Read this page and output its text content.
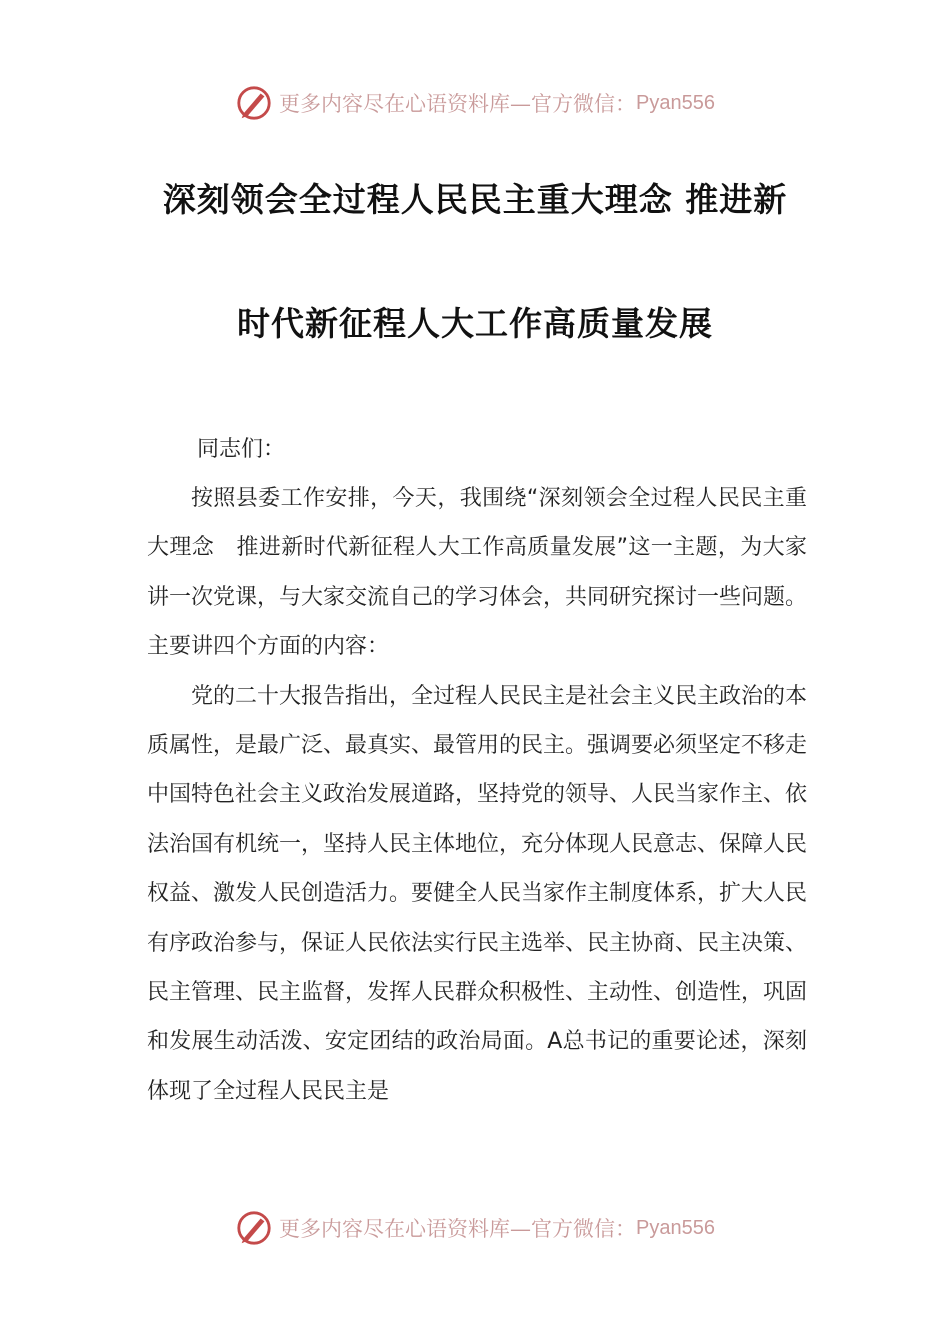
更多内容尽在心语资料库—官方微信： Pyan556
深刻领会全过程人民民主重大理念 推进新
时代新征程人大工作高质量发展
同志们：

按照县委工作安排，今天，我围绕“深刻领会全过程人民民主重大理念　推进新时代新征程人大工作高质量发展”这一主题，为大家讲一次党课，与大家交流自己的学习体会，共同研究探讨一些问题。主要讲四个方面的内容：

党的二十大报告指出，全过程人民民主是社会主义民主政治的本质属性，是最广泛、最真实、最管用的民主。强调要必须坚定不移走中国特色社会主义政治发展道路，坚持党的领导、人民当家作主、依法治国有机统一，坚持人民主体地位，充分体现人民意志、保障人民权益、激发人民创造活力。要健全人民当家作主制度体系，扩大人民有序政治参与，保证人民依法实行民主选举、民主协商、民主决策、民主管理、民主监督，发挥人民群众积极性、主动性、创造性，巩固和发展生动活泼、安定团结的政治局面。A总书记的重要论述，深刻体现了全过程人民民主是

更多内容尽在心语资料库—官方微信： Pyan556
